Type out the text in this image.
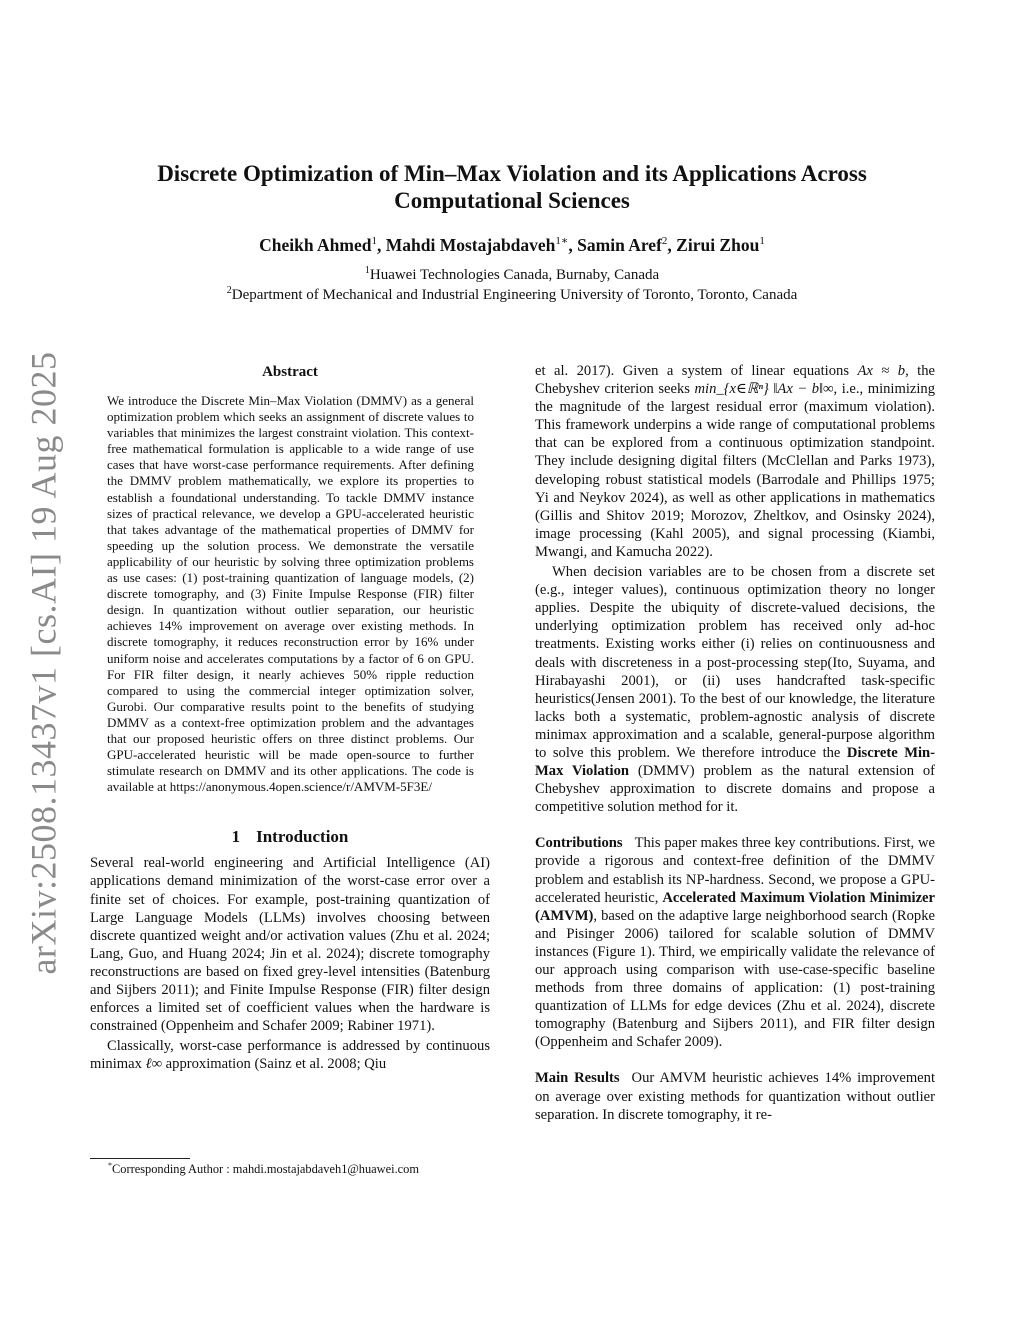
arXiv:2508.13437v1 [cs.AI] 19 Aug 2025
Discrete Optimization of Min–Max Violation and its Applications Across
Computational Sciences
Cheikh Ahmed$^1$, Mahdi Mostajabdaveh$^{1∗}$, Samin Aref$^2$, Zirui Zhou$^1$
$^1$Huawei Technologies Canada, Burnaby, Canada
$^2$Department of Mechanical and Industrial Engineering University of Toronto, Toronto, Canada
Abstract

We introduce the Discrete Min–Max Violation (DMMV) as a general optimization problem which seeks an assignment of discrete values to variables that minimizes the largest constraint violation. This context-free mathematical formulation is applicable to a wide range of use cases that have worst-case performance requirements. After defining the DMMV problem mathematically, we explore its properties to establish a foundational understanding. To tackle DMMV instance sizes of practical relevance, we develop a GPU-accelerated heuristic that takes advantage of the mathematical properties of DMMV for speeding up the solution process. We demonstrate the versatile applicability of our heuristic by solving three optimization problems as use cases: (1) post-training quantization of language models, (2) discrete tomography, and (3) Finite Impulse Response (FIR) filter design. In quantization without outlier separation, our heuristic achieves 14% improvement on average over existing methods. In discrete tomography, it reduces reconstruction error by 16% under uniform noise and accelerates computations by a factor of 6 on GPU. For FIR filter design, it nearly achieves 50% ripple reduction compared to using the commercial integer optimization solver, Gurobi. Our comparative results point to the benefits of studying DMMV as a context-free optimization problem and the advantages that our proposed heuristic offers on three distinct problems. Our GPU-accelerated heuristic will be made open-source to further stimulate research on DMMV and its other applications. The code is available at https://anonymous.4open.science/r/AMVM-5F3E/

1 Introduction

Several real-world engineering and Artificial Intelligence (AI) applications demand minimization of the worst-case error over a finite set of choices. For example, post-training quantization of Large Language Models (LLMs) involves choosing between discrete quantized weight and/or activation values (Zhu et al. 2024; Lang, Guo, and Huang 2024; Jin et al. 2024); discrete tomography reconstructions are based on fixed grey-level intensities (Batenburg and Sijbers 2011); and Finite Impulse Response (FIR) filter design enforces a limited set of coefficient values when the hardware is constrained (Oppenheim and Schafer 2009; Rabiner 1971).

Classically, worst-case performance is addressed by continuous minimax ℓ∞ approximation (Sainz et al. 2008; Qiu

*Corresponding Author : mahdi.mostajabdaveh1@huawei.com

et al. 2017). Given a system of linear equations Ax ≈ b, the Chebyshev criterion seeks min_{x∈ℝⁿ} ‖Ax − b‖∞, i.e., minimizing the magnitude of the largest residual error (maximum violation). This framework underpins a wide range of computational problems that can be explored from a continuous optimization standpoint. They include designing digital filters (McClellan and Parks 1973), developing robust statistical models (Barrodale and Phillips 1975; Yi and Neykov 2024), as well as other applications in mathematics (Gillis and Shitov 2019; Morozov, Zheltkov, and Osinsky 2024), image processing (Kahl 2005), and signal processing (Kiambi, Mwangi, and Kamucha 2022).

When decision variables are to be chosen from a discrete set (e.g., integer values), continuous optimization theory no longer applies. Despite the ubiquity of discrete-valued decisions, the underlying optimization problem has received only ad-hoc treatments. Existing works either (i) relies on continuousness and deals with discreteness in a post-processing step(Ito, Suyama, and Hirabayashi 2001), or (ii) uses handcrafted task-specific heuristics(Jensen 2001). To the best of our knowledge, the literature lacks both a systematic, problem-agnostic analysis of discrete minimax approximation and a scalable, general-purpose algorithm to solve this problem. We therefore introduce the Discrete Min-Max Violation (DMMV) problem as the natural extension of Chebyshev approximation to discrete domains and propose a competitive solution method for it.

Contributions This paper makes three key contributions. First, we provide a rigorous and context-free definition of the DMMV problem and establish its NP-hardness. Second, we propose a GPU-accelerated heuristic, Accelerated Maximum Violation Minimizer (AMVM), based on the adaptive large neighborhood search (Ropke and Pisinger 2006) tailored for scalable solution of DMMV instances (Figure 1). Third, we empirically validate the relevance of our approach using comparison with use-case-specific baseline methods from three domains of application: (1) post-training quantization of LLMs for edge devices (Zhu et al. 2024), discrete tomography (Batenburg and Sijbers 2011), and FIR filter design (Oppenheim and Schafer 2009).

Main Results Our AMVM heuristic achieves 14% improvement on average over existing methods for quantization without outlier separation. In discrete tomography, it re-
